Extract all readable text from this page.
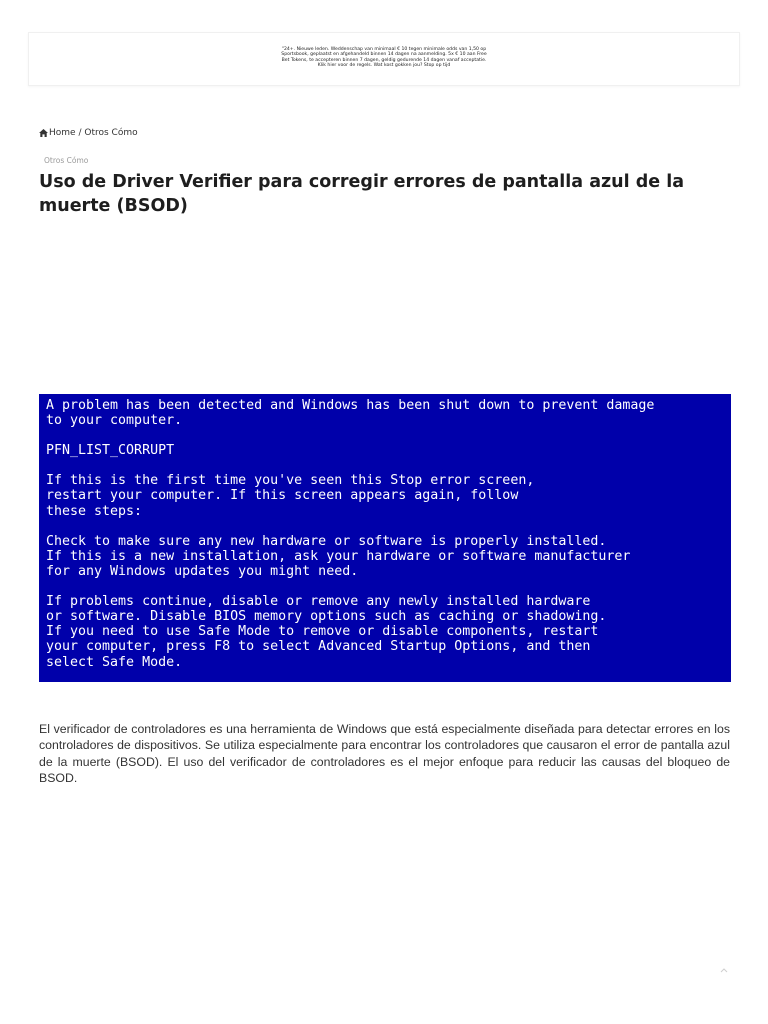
"24+. Nieuwe leden. Weddenschap van minimaal € 10 tegen minimale odds van 1,50 op Sportsbook, geplaatst en afgehandeld binnen 14 dagen na aanmelding. 5x € 10 aan Free Bet Tokens, te accepteren binnen 7 dagen, geldig gedurende 14 dagen vanaf acceptatie. Klik hier voor de regels. Wat kost gokken jou? Stop op tijd
Home / Otros Cómo
Otros Cómo
Uso de Driver Verifier para corregir errores de pantalla azul de la muerte (BSOD)
A problem has been detected and Windows has been shut down to prevent damage
to your computer.
PFN_LIST_CORRUPT
If this is the first time you've seen this Stop error screen,
restart your computer. If this screen appears again, follow
these steps:
Check to make sure any new hardware or software is properly installed.
If this is a new installation, ask your hardware or software manufacturer
for any Windows updates you might need.
If problems continue, disable or remove any newly installed hardware
or software. Disable BIOS memory options such as caching or shadowing.
If you need to use Safe Mode to remove or disable components, restart
your computer, press F8 to select Advanced Startup Options, and then
select Safe Mode.

El verificador de controladores es una herramienta de Windows que está especialmente diseñada para detectar errores en los controladores de dispositivos. Se utiliza especialmente para encontrar los controladores que causaron el error de pantalla azul de la muerte (BSOD). El uso del verificador de controladores es el mejor enfoque para reducir las causas del bloqueo de BSOD.
